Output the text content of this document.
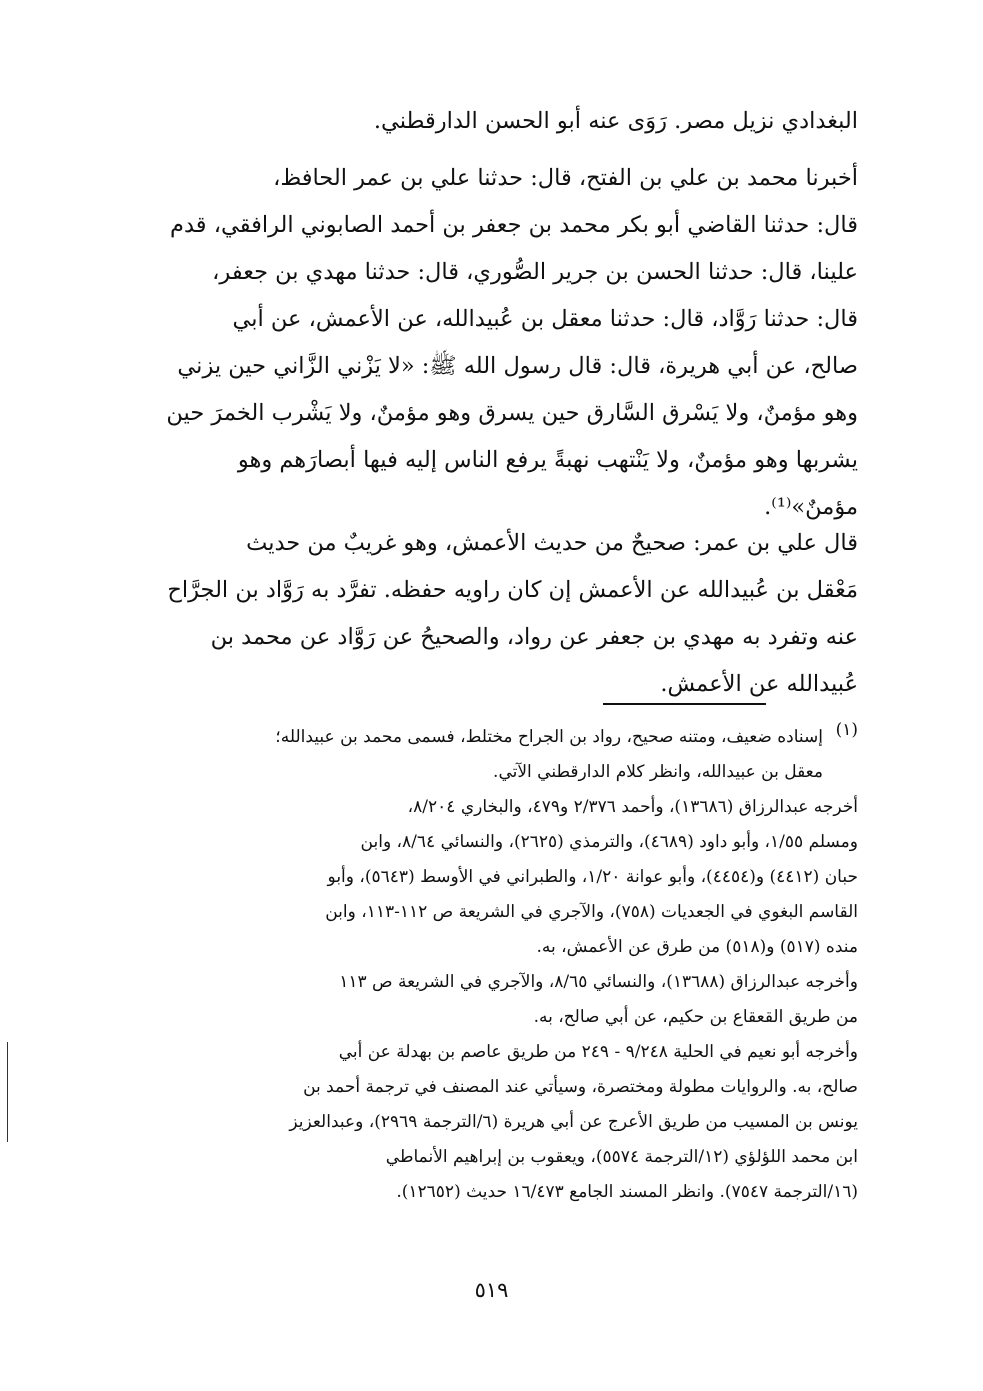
البغدادي نزيل مصر. رَوَى عنه أبو الحسن الدارقطني.
أخبرنا محمد بن علي بن الفتح، قال: حدثنا علي بن عمر الحافظ،
قال: حدثنا القاضي أبو بكر محمد بن جعفر بن أحمد الصابوني الرافقي، قدم
علينا، قال: حدثنا الحسن بن جرير الصُّوري، قال: حدثنا مهدي بن جعفر،
قال: حدثنا رَوَّاد، قال: حدثنا معقل بن عُبيدالله، عن الأعمش، عن أبي
صالح، عن أبي هريرة، قال: قال رسول الله ﷺ: «لا يَزْني الزَّاني حين يزني
وهو مؤمنٌ، ولا يَسْرق السَّارق حين يسرق وهو مؤمنٌ، ولا يَشْرب الخمرَ حين
يشربها وهو مؤمنٌ، ولا يَنْتهب نهبةً يرفع الناس إليه فيها أبصارَهم وهو
مؤمنٌ»⁽¹⁾.
قال علي بن عمر: صحيحٌ من حديث الأعمش، وهو غريبٌ من حديث
مَعْقل بن عُبيدالله عن الأعمش إن كان راويه حفظه. تفرَّد به رَوَّاد بن الجرَّاح
عنه وتفرد به مهدي بن جعفر عن رواد، والصحيحُ عن رَوَّاد عن محمد بن
عُبيدالله عن الأعمش.
(١)
إسناده ضعيف، ومتنه صحيح، رواد بن الجراح مختلط، فسمى محمد بن عبيدالله؛
معقل بن عبيدالله، وانظر كلام الدارقطني الآتي.
أخرجه عبدالرزاق (١٣٦٨٦)، وأحمد ٢/٣٧٦ و٤٧٩، والبخاري ٨/٢٠٤،
ومسلم ١/٥٥، وأبو داود (٤٦٨٩)، والترمذي (٢٦٢٥)، والنسائي ٨/٦٤، وابن
حبان (٤٤١٢) و(٤٤٥٤)، وأبو عوانة ١/٢٠، والطبراني في الأوسط (٥٦٤٣)، وأبو
القاسم البغوي في الجعديات (٧٥٨)، والآجري في الشريعة ص ١١٢-١١٣، وابن
منده (٥١٧) و(٥١٨) من طرق عن الأعمش، به.
وأخرجه عبدالرزاق (١٣٦٨٨)، والنسائي ٨/٦٥، والآجري في الشريعة ص ١١٣
من طريق القعقاع بن حكيم، عن أبي صالح، به.
وأخرجه أبو نعيم في الحلية ٩/٢٤٨ - ٢٤٩ من طريق عاصم بن بهدلة عن أبي
صالح، به. والروايات مطولة ومختصرة، وسيأتي عند المصنف في ترجمة أحمد بن
يونس بن المسيب من طريق الأعرج عن أبي هريرة (٦/الترجمة ٢٩٦٩)، وعبدالعزيز
ابن محمد اللؤلؤي (١٢/الترجمة ٥٥٧٤)، ويعقوب بن إبراهيم الأنماطي
(١٦/الترجمة ٧٥٤٧). وانظر المسند الجامع ١٦/٤٧٣ حديث (١٢٦٥٢).
٥١٩
